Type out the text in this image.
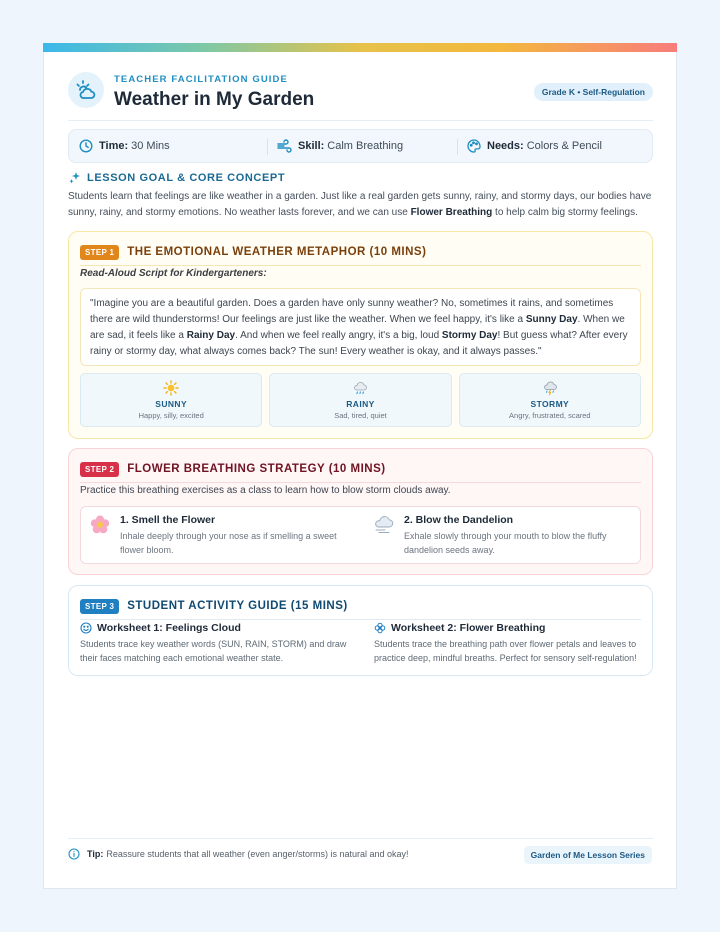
TEACHER FACILITATION GUIDE
Weather in My Garden	Grade K • Self-Regulation
Time: 30 Mins	Skill: Calm Breathing	Needs: Colors & Pencil
LESSON GOAL & CORE CONCEPT
Students learn that feelings are like weather in a garden. Just like a real garden gets sunny, rainy, and stormy days, our bodies have sunny, rainy, and stormy emotions. No weather lasts forever, and we can use Flower Breathing to help calm big stormy feelings.
STEP 1	THE EMOTIONAL WEATHER METAPHOR (10 MINS)
Read-Aloud Script for Kindergarteners:
"Imagine you are a beautiful garden. Does a garden have only sunny weather? No, sometimes it rains, and sometimes there are wild thunderstorms! Our feelings are just like the weather. When we feel happy, it's like a Sunny Day. When we are sad, it feels like a Rainy Day. And when we feel really angry, it's a big, loud Stormy Day! But guess what? After every rainy or stormy day, what always comes back? The sun! Every weather is okay, and it always passes."
SUNNY
Happy, silly, excited
RAINY
Sad, tired, quiet
STORMY
Angry, frustrated, scared
STEP 2	FLOWER BREATHING STRATEGY (10 MINS)
Practice this breathing exercises as a class to learn how to blow storm clouds away.
1. Smell the Flower
Inhale deeply through your nose as if smelling a sweet flower bloom.
2. Blow the Dandelion
Exhale slowly through your mouth to blow the fluffy dandelion seeds away.
STEP 3	STUDENT ACTIVITY GUIDE (15 MINS)
Worksheet 1: Feelings Cloud
Students trace key weather words (SUN, RAIN, STORM) and draw their faces matching each emotional weather state.
Worksheet 2: Flower Breathing
Students trace the breathing path over flower petals and leaves to practice deep, mindful breaths. Perfect for sensory self-regulation!
Tip: Reassure students that all weather (even anger/storms) is natural and okay!	Garden of Me Lesson Series
